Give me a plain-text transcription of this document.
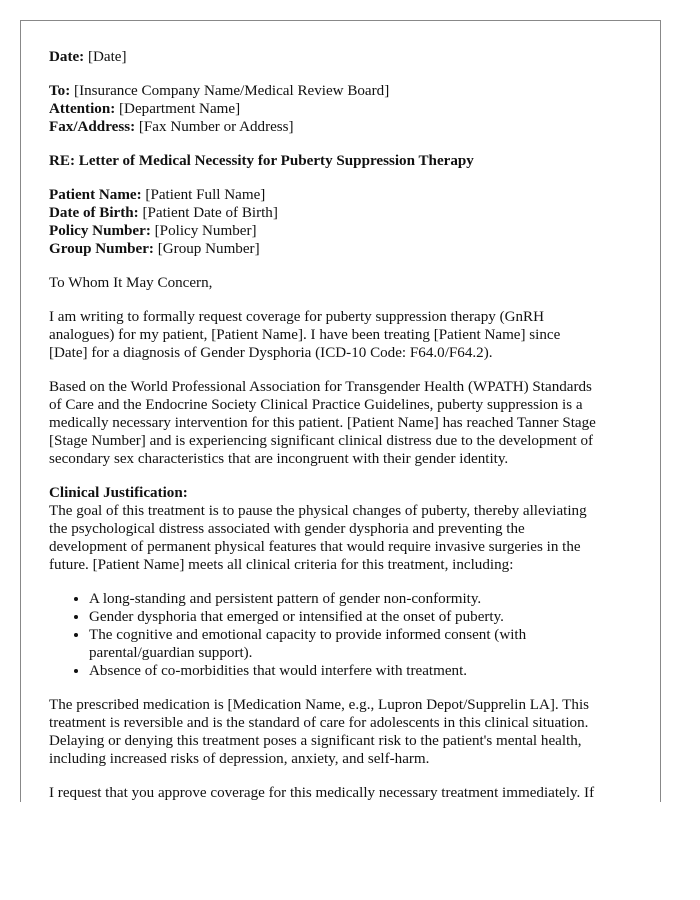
Date: [Date]
To: [Insurance Company Name/Medical Review Board]
Attention: [Department Name]
Fax/Address: [Fax Number or Address]
RE: Letter of Medical Necessity for Puberty Suppression Therapy
Patient Name: [Patient Full Name]
Date of Birth: [Patient Date of Birth]
Policy Number: [Policy Number]
Group Number: [Group Number]
To Whom It May Concern,
I am writing to formally request coverage for puberty suppression therapy (GnRH
analogues) for my patient, [Patient Name]. I have been treating [Patient Name] since
[Date] for a diagnosis of Gender Dysphoria (ICD-10 Code: F64.0/F64.2).
Based on the World Professional Association for Transgender Health (WPATH) Standards
of Care and the Endocrine Society Clinical Practice Guidelines, puberty suppression is a
medically necessary intervention for this patient. [Patient Name] has reached Tanner Stage
[Stage Number] and is experiencing significant clinical distress due to the development of
secondary sex characteristics that are incongruent with their gender identity.
Clinical Justification:
The goal of this treatment is to pause the physical changes of puberty, thereby alleviating
the psychological distress associated with gender dysphoria and preventing the
development of permanent physical features that would require invasive surgeries in the
future. [Patient Name] meets all clinical criteria for this treatment, including:
• A long-standing and persistent pattern of gender non-conformity.
• Gender dysphoria that emerged or intensified at the onset of puberty.
• The cognitive and emotional capacity to provide informed consent (with
parental/guardian support).
• Absence of co-morbidities that would interfere with treatment.
The prescribed medication is [Medication Name, e.g., Lupron Depot/Supprelin LA]. This
treatment is reversible and is the standard of care for adolescents in this clinical situation.
Delaying or denying this treatment poses a significant risk to the patient's mental health,
including increased risks of depression, anxiety, and self-harm.
I request that you approve coverage for this medically necessary treatment immediately. If
